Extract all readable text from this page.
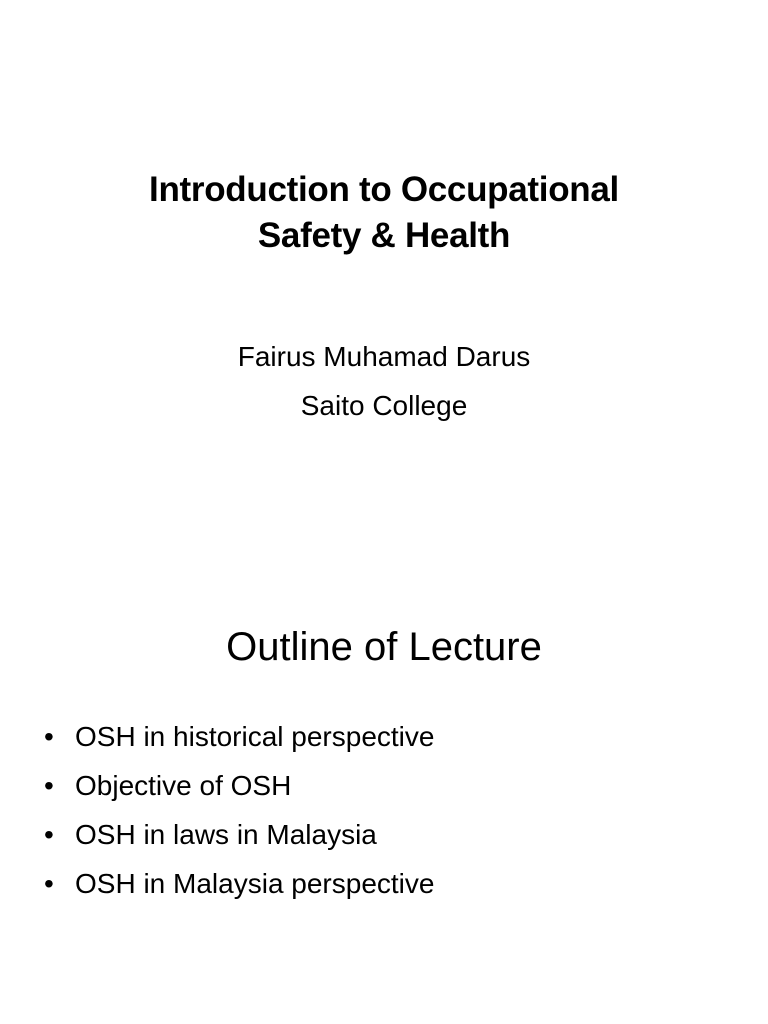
Introduction to Occupational
Safety & Health
Fairus Muhamad Darus
Saito College
Outline of Lecture
• OSH in historical perspective
• Objective of OSH
• OSH in laws in Malaysia
• OSH in Malaysia perspective
